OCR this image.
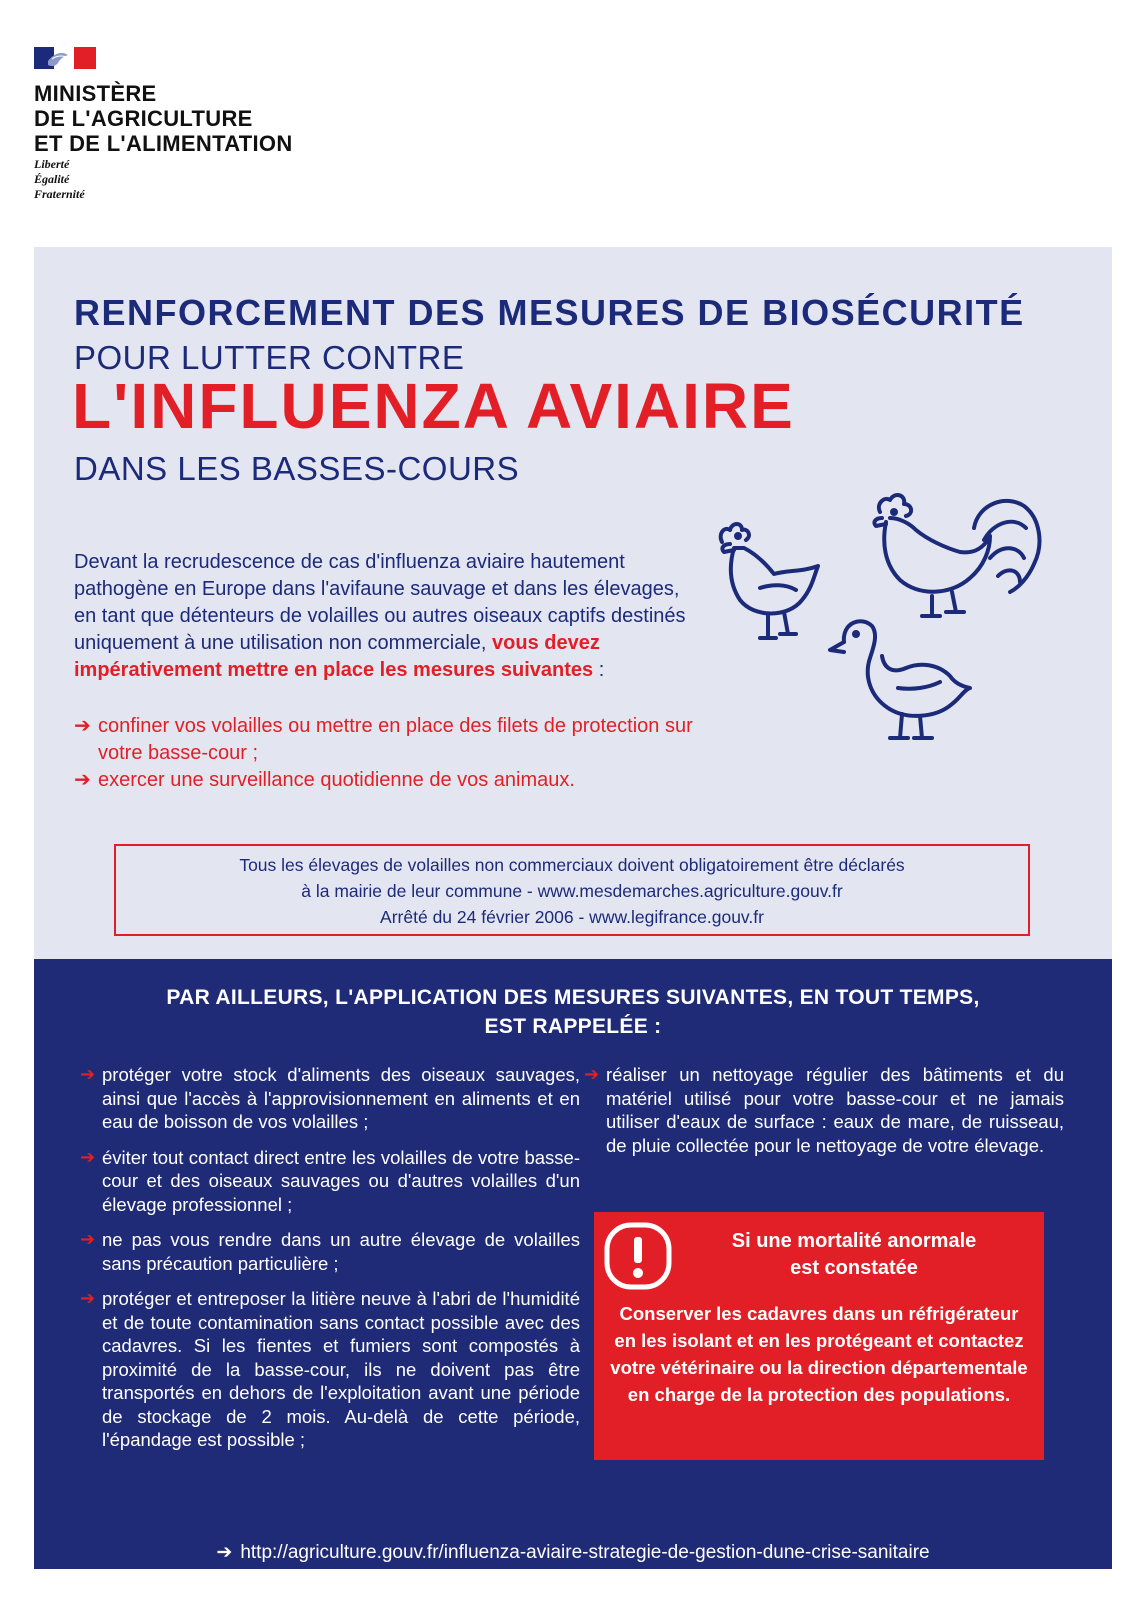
MINISTÈRE
DE L'AGRICULTURE
ET DE L'ALIMENTATION
Liberté
Égalité
Fraternité
RENFORCEMENT DES MESURES DE BIOSÉCURITÉ
POUR LUTTER CONTRE
L'INFLUENZA AVIAIRE
DANS LES BASSES-COURS
Devant la recrudescence de cas d'influenza aviaire hautement pathogène en Europe dans l'avifaune sauvage et dans les élevages, en tant que détenteurs de volailles ou autres oiseaux captifs destinés uniquement à une utilisation non commerciale, vous devez impérativement mettre en place les mesures suivantes :
➔ confiner vos volailles ou mettre en place des filets de protection sur votre basse-cour ;
➔ exercer une surveillance quotidienne de vos animaux.
Tous les élevages de volailles non commerciaux doivent obligatoirement être déclarés
à la mairie de leur commune - www.mesdemarches.agriculture.gouv.fr
Arrêté du 24 février 2006 - www.legifrance.gouv.fr
PAR AILLEURS, L'APPLICATION DES MESURES SUIVANTES, EN TOUT TEMPS,
EST RAPPELÉE :
➔ protéger votre stock d'aliments des oiseaux sauvages, ainsi que l'accès à l'approvisionnement en aliments et en eau de boisson de vos volailles ;
➔ éviter tout contact direct entre les volailles de votre basse-cour et des oiseaux sauvages ou d'autres volailles d'un élevage professionnel ;
➔ ne pas vous rendre dans un autre élevage de volailles sans précaution particulière ;
➔ protéger et entreposer la litière neuve à l'abri de l'humidité et de toute contamination sans contact possible avec des cadavres. Si les fientes et fumiers sont compostés à proximité de la basse-cour, ils ne doivent pas être transportés en dehors de l'exploitation avant une période de stockage de 2 mois. Au-delà de cette période, l'épandage est possible ;
➔ réaliser un nettoyage régulier des bâtiments et du matériel utilisé pour votre basse-cour et ne jamais utiliser d'eaux de surface : eaux de mare, de ruisseau, de pluie collectée pour le nettoyage de votre élevage.
Si une mortalité anormale
est constatée
Conserver les cadavres dans un réfrigérateur en les isolant et en les protégeant et contactez votre vétérinaire ou la direction départementale en charge de la protection des populations.
➔ http://agriculture.gouv.fr/influenza-aviaire-strategie-de-gestion-dune-crise-sanitaire
